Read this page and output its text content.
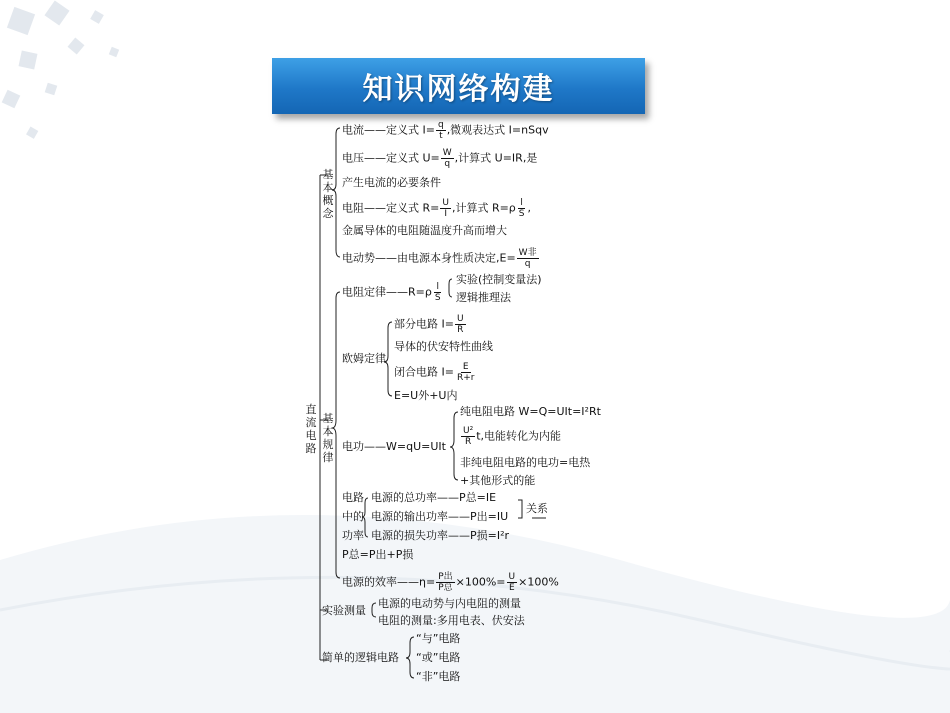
知识网络构建
直流电路
基本概念
电流——定义式 $I= \frac{q}{t}$ ,微观表达式 I=nSqv
电压——定义式 $U= \frac{W}{q}$ ,计算式 U=IR,是
产生电流的必要条件
电阻——定义式 $R= \frac{U}{I}$ ,计算式 $R=\rho \frac{l}{S}$ ,
金属导体的电阻随温度升高而增大
电动势——由电源本身性质决定$,E= \frac{\text{W非}}{q}$
基本规律
电阻定律——R=ρ $\frac{l}{S}$
实验(控制变量法)
逻辑推理法
欧姆定律
部分电路 $I= \frac{U}{R}$
导体的伏安特性曲线
闭合电路 $I= \frac{E}{R+r}$
E=U外+U内
电功——W=qU=UIt
纯电阻电路 W=Q=UIt=I²Rt
$\frac{\text{U²}}{R} t$,电能转化为内能
非纯电阻电路的电功=电热
+其他形式的能
电路
中的
功率
电源的总功率——P总=IE
电源的输出功率——P出=IU
电源的损失功率——P损=I²r
关系
P总=P出+P损
电源的效率——η= $\frac{\text{P出}}{\text{P总}} \times 100\%= \frac{U}{E} \times 100\%$
实验测量
电源的电动势与内电阻的测量
电阻的测量:多用电表、伏安法
简单的逻辑电路
“与”电路
“或”电路
“非”电路
